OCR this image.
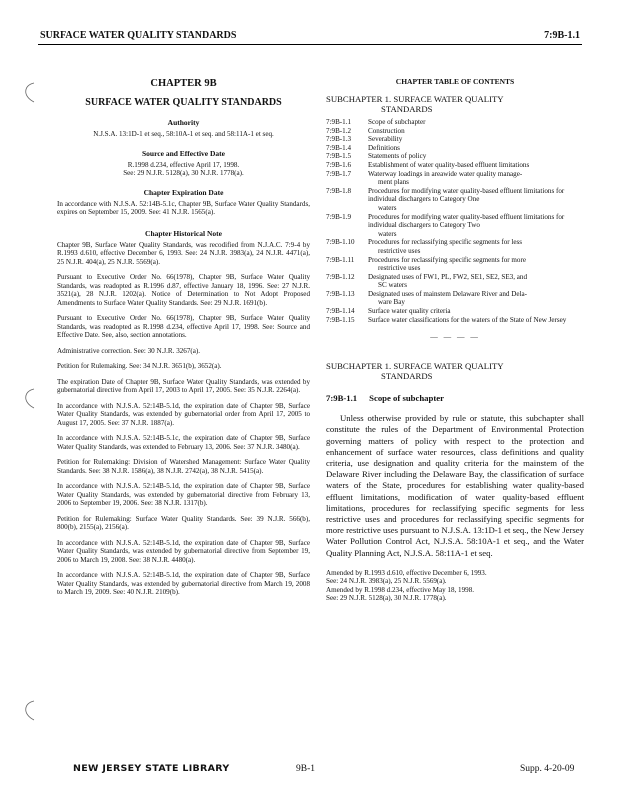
SURFACE WATER QUALITY STANDARDS	7:9B-1.1
CHAPTER 9B
SURFACE WATER QUALITY STANDARDS
Authority
N.J.S.A. 13:1D-1 et seq., 58:10A-1 et seq. and 58:11A-1 et seq.
Source and Effective Date
R.1998 d.234, effective April 17, 1998.
See: 29 N.J.R. 5128(a), 30 N.J.R. 1778(a).
Chapter Expiration Date
In accordance with N.J.S.A. 52:14B-5.1c, Chapter 9B, Surface Water Quality Standards, expires on September 15, 2009. See: 41 N.J.R. 1565(a).
Chapter Historical Note
Chapter 9B, Surface Water Quality Standards, was recodified from N.J.A.C. 7:9-4 by R.1993 d.610, effective December 6, 1993. See: 24 N.J.R. 3983(a), 24 N.J.R. 4471(a), 25 N.J.R. 404(a), 25 N.J.R. 5569(a).
Pursuant to Executive Order No. 66(1978), Chapter 9B, Surface Water Quality Standards, was readopted as R.1996 d.87, effective January 18, 1996. See: 27 N.J.R. 3521(a), 28 N.J.R. 1202(a). Notice of Determination to Not Adopt Proposed Amendments to Surface Water Quality Standards. See: 29 N.J.R. 1691(b).
Pursuant to Executive Order No. 66(1978), Chapter 9B, Surface Water Quality Standards, was readopted as R.1998 d.234, effective April 17, 1998. See: Source and Effective Date. See, also, section annotations.
Administrative correction. See: 30 N.J.R. 3267(a).
Petition for Rulemaking. See: 34 N.J.R. 3651(b), 3652(a).
The expiration Date of Chapter 9B, Surface Water Quality Standards, was extended by gubernatorial directive from April 17, 2003 to April 17, 2005. See: 35 N.J.R. 2264(a).
In accordance with N.J.S.A. 52:14B-5.1d, the expiration date of Chapter 9B, Surface Water Quality Standards, was extended by gubernatorial order from April 17, 2005 to August 17, 2005. See: 37 N.J.R. 1887(a).
In accordance with N.J.S.A. 52:14B-5.1c, the expiration date of Chapter 9B, Surface Water Quality Standards, was extended to February 13, 2006. See: 37 N.J.R. 3480(a).
Petition for Rulemaking: Division of Watershed Management: Surface Water Quality Standards. See: 38 N.J.R. 1586(a), 38 N.J.R. 2742(a), 38 N.J.R. 5415(a).
In accordance with N.J.S.A. 52:14B-5.1d, the expiration date of Chapter 9B, Surface Water Quality Standards, was extended by gubernatorial directive from February 13, 2006 to September 19, 2006. See: 38 N.J.R. 1317(b).
Petition for Rulemaking: Surface Water Quality Standards. See: 39 N.J.R. 566(b), 800(b), 2155(a), 2156(a).
In accordance with N.J.S.A. 52:14B-5.1d, the expiration date of Chapter 9B, Surface Water Quality Standards, was extended by gubernatorial directive from September 19, 2006 to March 19, 2008. See: 38 N.J.R. 4480(a).
In accordance with N.J.S.A. 52:14B-5.1d, the expiration date of Chapter 9B, Surface Water Quality Standards, was extended by gubernatorial directive from March 19, 2008 to March 19, 2009. See: 40 N.J.R. 2109(b).
CHAPTER TABLE OF CONTENTS
SUBCHAPTER 1. SURFACE WATER QUALITY
STANDARDS
7:9B-1.1	Scope of subchapter
7:9B-1.2	Construction
7:9B-1.3	Severability
7:9B-1.4	Definitions
7:9B-1.5	Statements of policy
7:9B-1.6	Establishment of water quality-based effluent limitations
7:9B-1.7	Waterway loadings in areawide water quality manage-
ment plans
7:9B-1.8	Procedures for modifying water quality-based effluent limitations for individual dischargers to Category One
waters
7:9B-1.9	Procedures for modifying water quality-based effluent limitations for individual dischargers to Category Two
waters
7:9B-1.10	Procedures for reclassifying specific segments for less
restrictive uses
7:9B-1.11	Procedures for reclassifying specific segments for more
restrictive uses
7:9B-1.12	Designated uses of FW1, PL, FW2, SE1, SE2, SE3, and
SC waters
7:9B-1.13	Designated uses of mainstem Delaware River and Dela-
ware Bay
7:9B-1.14	Surface water quality criteria
7:9B-1.15	Surface water classifications for the waters of the State of New Jersey
— — — —
SUBCHAPTER 1. SURFACE WATER QUALITY
STANDARDS
7:9B-1.1 Scope of subchapter
Unless otherwise provided by rule or statute, this subchapter shall constitute the rules of the Department of Environmental Protection governing matters of policy with respect to the protection and enhancement of surface water resources, class definitions and quality criteria, use designation and quality criteria for the mainstem of the Delaware River including the Delaware Bay, the classification of surface waters of the State, procedures for establishing water quality-based effluent limitations, modification of water quality-based effluent limitations, procedures for reclassifying specific segments for less restrictive uses and procedures for reclassifying specific segments for more restrictive uses pursuant to N.J.S.A. 13:1D-1 et seq., the New Jersey Water Pollution Control Act, N.J.S.A. 58:10A-1 et seq., and the Water Quality Planning Act, N.J.S.A. 58:11A-1 et seq.
Amended by R.1993 d.610, effective December 6, 1993.
See: 24 N.J.R. 3983(a), 25 N.J.R. 5569(a).
Amended by R.1998 d.234, effective May 18, 1998.
See: 29 N.J.R. 5128(a), 30 N.J.R. 1778(a).
NEW JERSEY STATE LIBRARY	9B-1	Supp. 4-20-09
